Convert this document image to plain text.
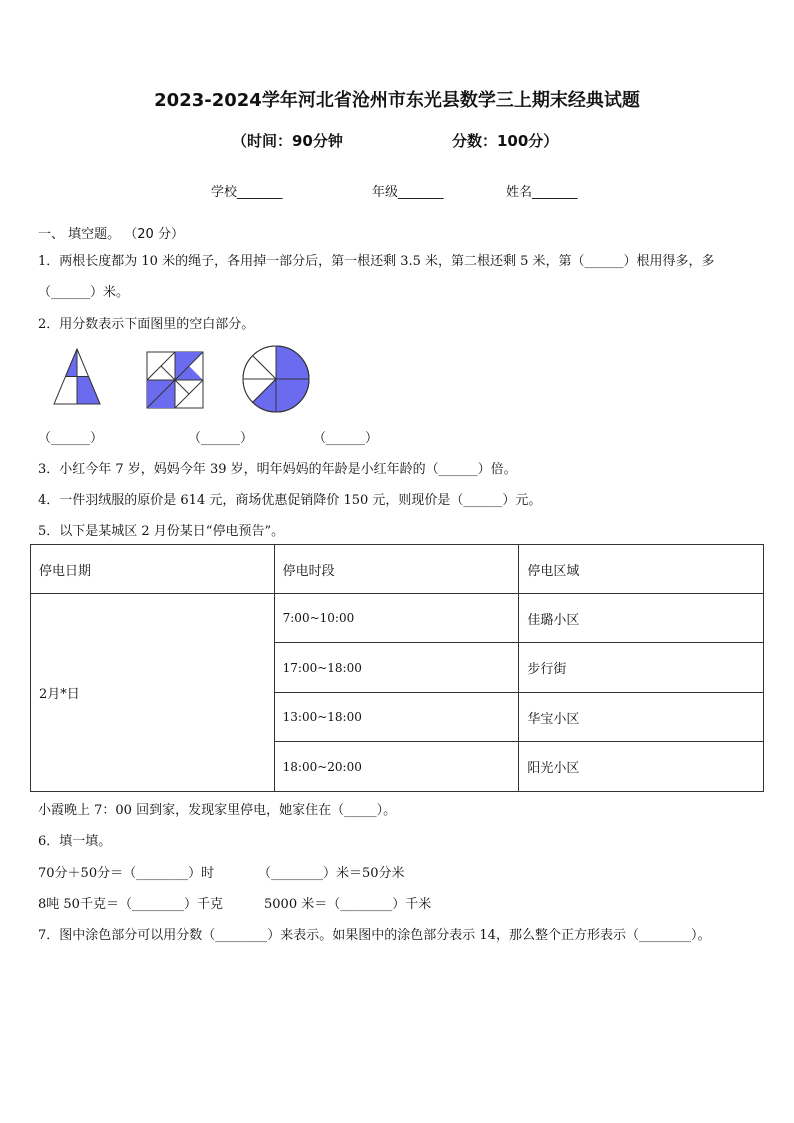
2023-2024学年河北省沧州市东光县数学三上期末经典试题
（时间：90分钟	分数：100分）
学校_______	年级_______	姓名_______
一、 填空题。 （20 分）
1．两根长度都为 10 米的绳子，各用掉一部分后，第一根还剩 3.5 米，第二根还剩 5 米，第（______）根用得多，多
（______）米。
2．用分数表示下面图里的空白部分。
（______）	（______）	（______）
3．小红今年 7 岁，妈妈今年 39 岁，明年妈妈的年龄是小红年龄的（______）倍。
4．一件羽绒服的原价是 614 元，商场优惠促销降价 150 元，则现价是（______）元。
5．以下是某城区 2 月份某日“停电预告”。
停电日期	停电时段	停电区域
2月*日	7:00~10:00	佳璐小区
	17:00~18:00	步行街
	13:00~18:00	华宝小区
	18:00~20:00	阳光小区
小霞晚上 7：00 回到家，发现家里停电，她家住在（_____）。
6．填一填。
70分＋50分＝（________）时	（________）米＝50分米
8吨 50千克＝（________）千克	5000 米＝（________）千米
7．图中涂色部分可以用分数（________）来表示。如果图中的涂色部分表示 14，那么整个正方形表示（________）。
